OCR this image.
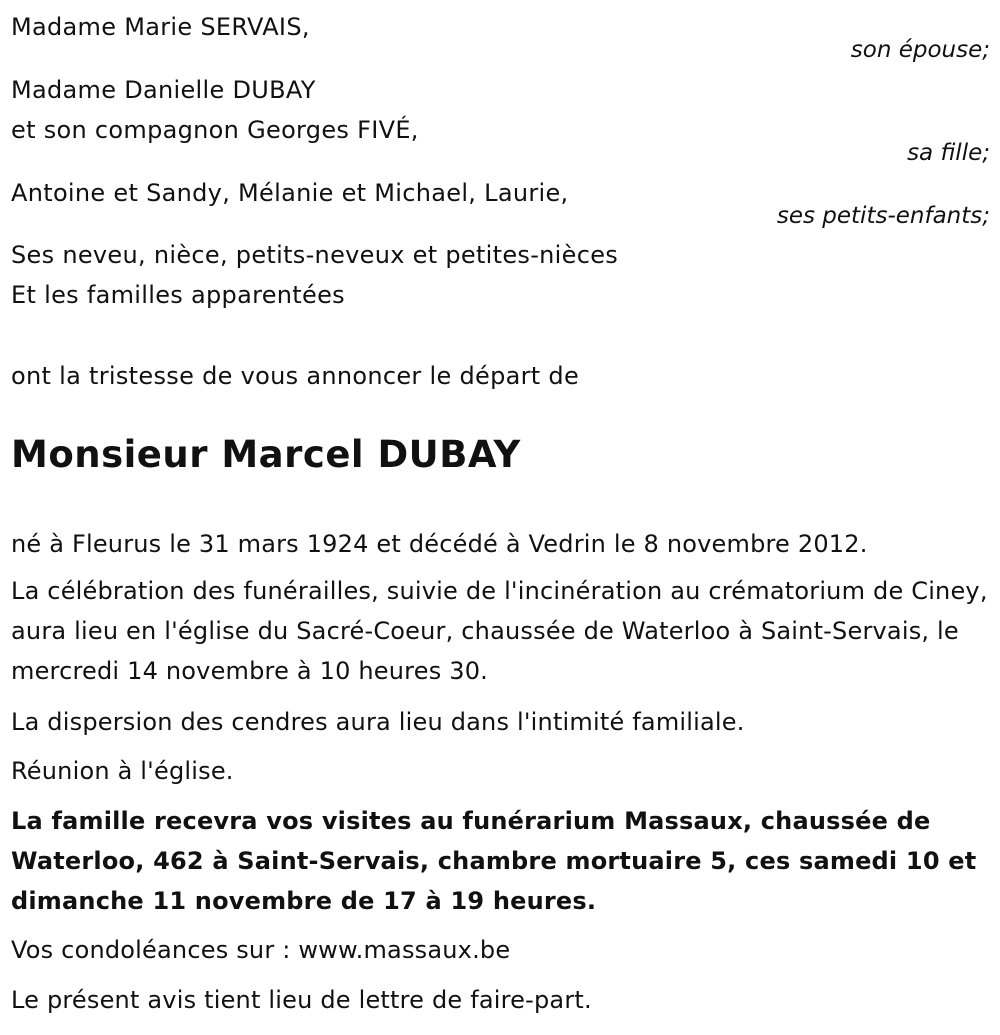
Madame Marie SERVAIS,
son épouse;
Madame Danielle DUBAY
et son compagnon Georges FIVÉ,
sa fille;
Antoine et Sandy, Mélanie et Michael, Laurie,
ses petits-enfants;
Ses neveu, nièce, petits-neveux et petites-nièces
Et les familles apparentées
ont la tristesse de vous annoncer le départ de
Monsieur Marcel DUBAY
né à Fleurus le 31 mars 1924 et décédé à Vedrin le 8 novembre 2012.
La célébration des funérailles, suivie de l'incinération au crématorium de Ciney, aura lieu en l'église du Sacré-Coeur, chaussée de Waterloo à Saint-Servais, le mercredi 14 novembre à 10 heures 30.
La dispersion des cendres aura lieu dans l'intimité familiale.
Réunion à l'église.
La famille recevra vos visites au funérarium Massaux, chaussée de Waterloo, 462 à Saint-Servais, chambre mortuaire 5, ces samedi 10 et dimanche 11 novembre de 17 à 19 heures.
Vos condoléances sur : www.massaux.be
Le présent avis tient lieu de lettre de faire-part.
